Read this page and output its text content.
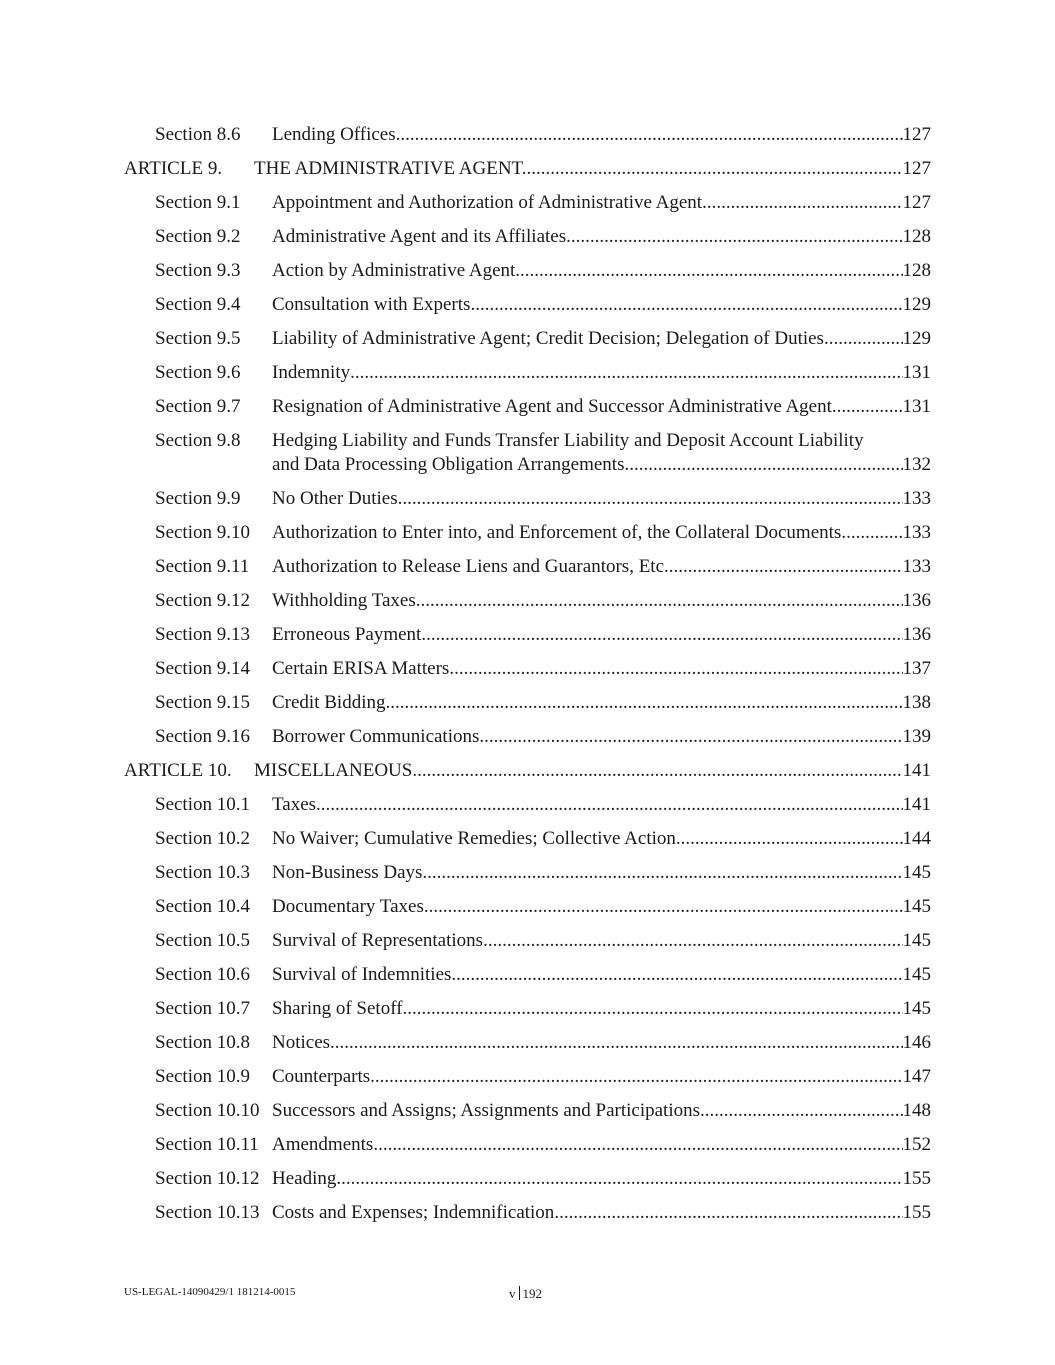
Section 8.6 Lending Offices .....	127
ARTICLE 9. THE ADMINISTRATIVE AGENT. .....	127
Section 9.1 Appointment and Authorization of Administrative Agent .....	127
Section 9.2 Administrative Agent and its Affiliates .....	128
Section 9.3 Action by Administrative Agent .....	128
Section 9.4 Consultation with Experts .....	129
Section 9.5 Liability of Administrative Agent; Credit Decision; Delegation of Duties .....	129
Section 9.6 Indemnity .....	131
Section 9.7 Resignation of Administrative Agent and Successor Administrative Agent .....	131
Section 9.8 Hedging Liability and Funds Transfer Liability and Deposit Account Liability
and Data Processing Obligation Arrangements .....	132
Section 9.9 No Other Duties .....	133
Section 9.10 Authorization to Enter into, and Enforcement of, the Collateral Documents .....	133
Section 9.11 Authorization to Release Liens and Guarantors, Etc .....	133
Section 9.12 Withholding Taxes .....	136
Section 9.13 Erroneous Payment .....	136
Section 9.14 Certain ERISA Matters .....	137
Section 9.15 Credit Bidding .....	138
Section 9.16 Borrower Communications. .....	139
ARTICLE 10. MISCELLANEOUS. .....	141
Section 10.1 Taxes .....	141
Section 10.2 No Waiver; Cumulative Remedies; Collective Action .....	144
Section 10.3 Non-Business Days .....	145
Section 10.4 Documentary Taxes .....	145
Section 10.5 Survival of Representations .....	145
Section 10.6 Survival of Indemnities .....	145
Section 10.7 Sharing of Setoff .....	145
Section 10.8 Notices .....	146
Section 10.9 Counterparts .....	147
Section 10.10 Successors and Assigns; Assignments and Participations .....	148
Section 10.11 Amendments .....	152
Section 10.12 Heading .....	155
Section 10.13 Costs and Expenses; Indemnification .....	155
US-LEGAL-14090429/1 181214-0015	v 192
